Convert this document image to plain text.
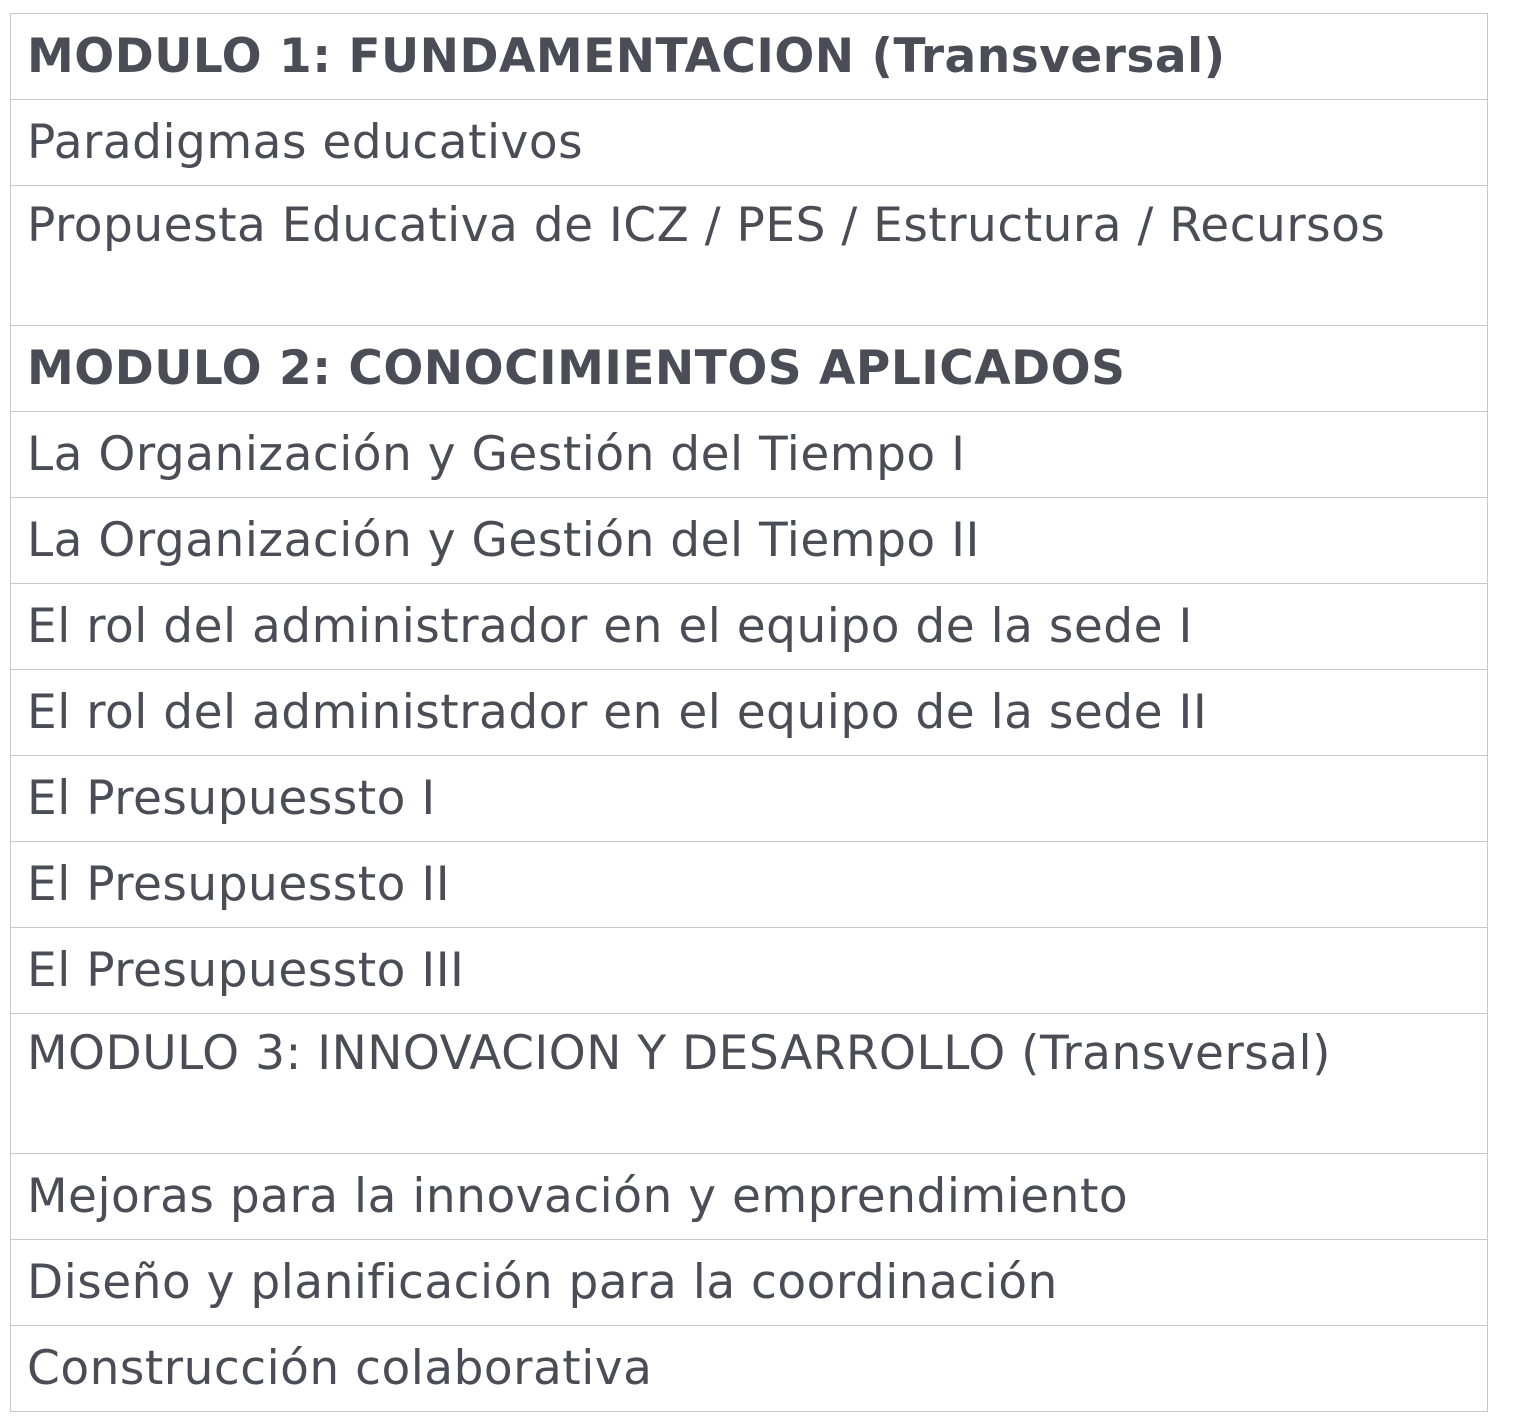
MODULO 1: FUNDAMENTACION (Transversal)

Paradigmas educativos

Propuesta Educativa de ICZ / PES / Estructura / Recursos

MODULO 2: CONOCIMIENTOS APLICADOS

La Organización y Gestión del Tiempo I

La Organización y Gestión del Tiempo II

El rol del administrador en el equipo de la sede I

El rol del administrador en el equipo de la sede II

El Presupuessto I

El Presupuessto II

El Presupuessto III

MODULO 3: INNOVACION Y DESARROLLO (Transversal)

Mejoras para la innovación y emprendimiento

Diseño y planificación para la coordinación

Construcción colaborativa
